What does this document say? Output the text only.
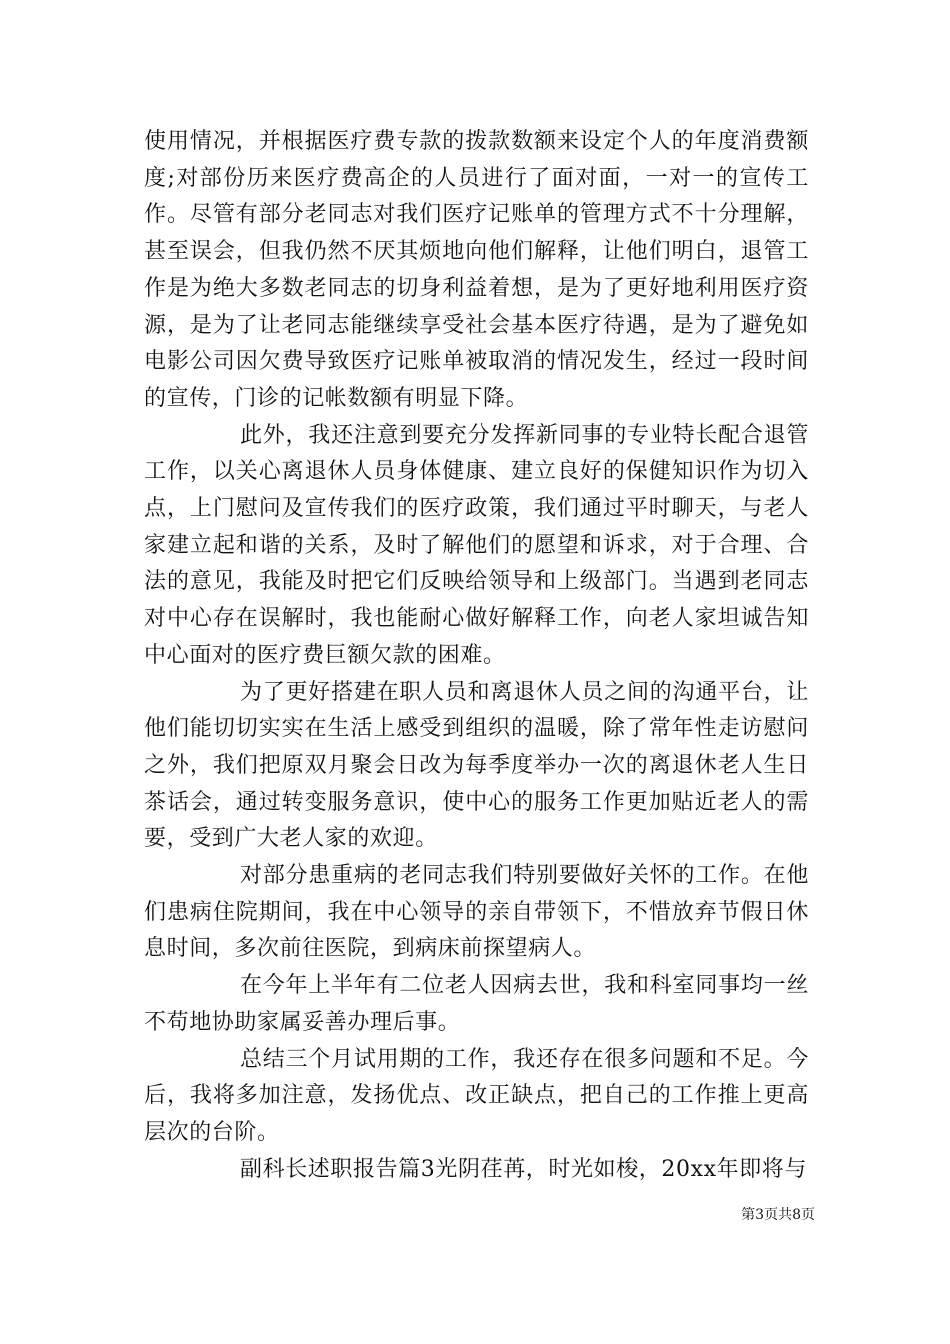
使用情况，并根据医疗费专款的拨款数额来设定个人的年度消费额度;对部份历来医疗费高企的人员进行了面对面，一对一的宣传工作。尽管有部分老同志对我们医疗记账单的管理方式不十分理解，甚至误会，但我仍然不厌其烦地向他们解释，让他们明白，退管工作是为绝大多数老同志的切身利益着想，是为了更好地利用医疗资源，是为了让老同志能继续享受社会基本医疗待遇，是为了避免如电影公司因欠费导致医疗记账单被取消的情况发生，经过一段时间的宣传，门诊的记帐数额有明显下降。

此外，我还注意到要充分发挥新同事的专业特长配合退管工作，以关心离退休人员身体健康、建立良好的保健知识作为切入点，上门慰问及宣传我们的医疗政策，我们通过平时聊天，与老人家建立起和谐的关系，及时了解他们的愿望和诉求，对于合理、合法的意见，我能及时把它们反映给领导和上级部门。当遇到老同志对中心存在误解时，我也能耐心做好解释工作，向老人家坦诚告知中心面对的医疗费巨额欠款的困难。

为了更好搭建在职人员和离退休人员之间的沟通平台，让他们能切切实实在生活上感受到组织的温暖，除了常年性走访慰问之外，我们把原双月聚会日改为每季度举办一次的离退休老人生日茶话会，通过转变服务意识，使中心的服务工作更加贴近老人的需要，受到广大老人家的欢迎。

对部分患重病的老同志我们特别要做好关怀的工作。在他们患病住院期间，我在中心领导的亲自带领下，不惜放弃节假日休息时间，多次前往医院，到病床前探望病人。

在今年上半年有二位老人因病去世，我和科室同事均一丝不苟地协助家属妥善办理后事。

总结三个月试用期的工作，我还存在很多问题和不足。今后，我将多加注意，发扬优点、改正缺点，把自己的工作推上更高层次的台阶。

副科长述职报告篇3光阴荏苒，时光如梭，20xx年即将与

第3页共8页
